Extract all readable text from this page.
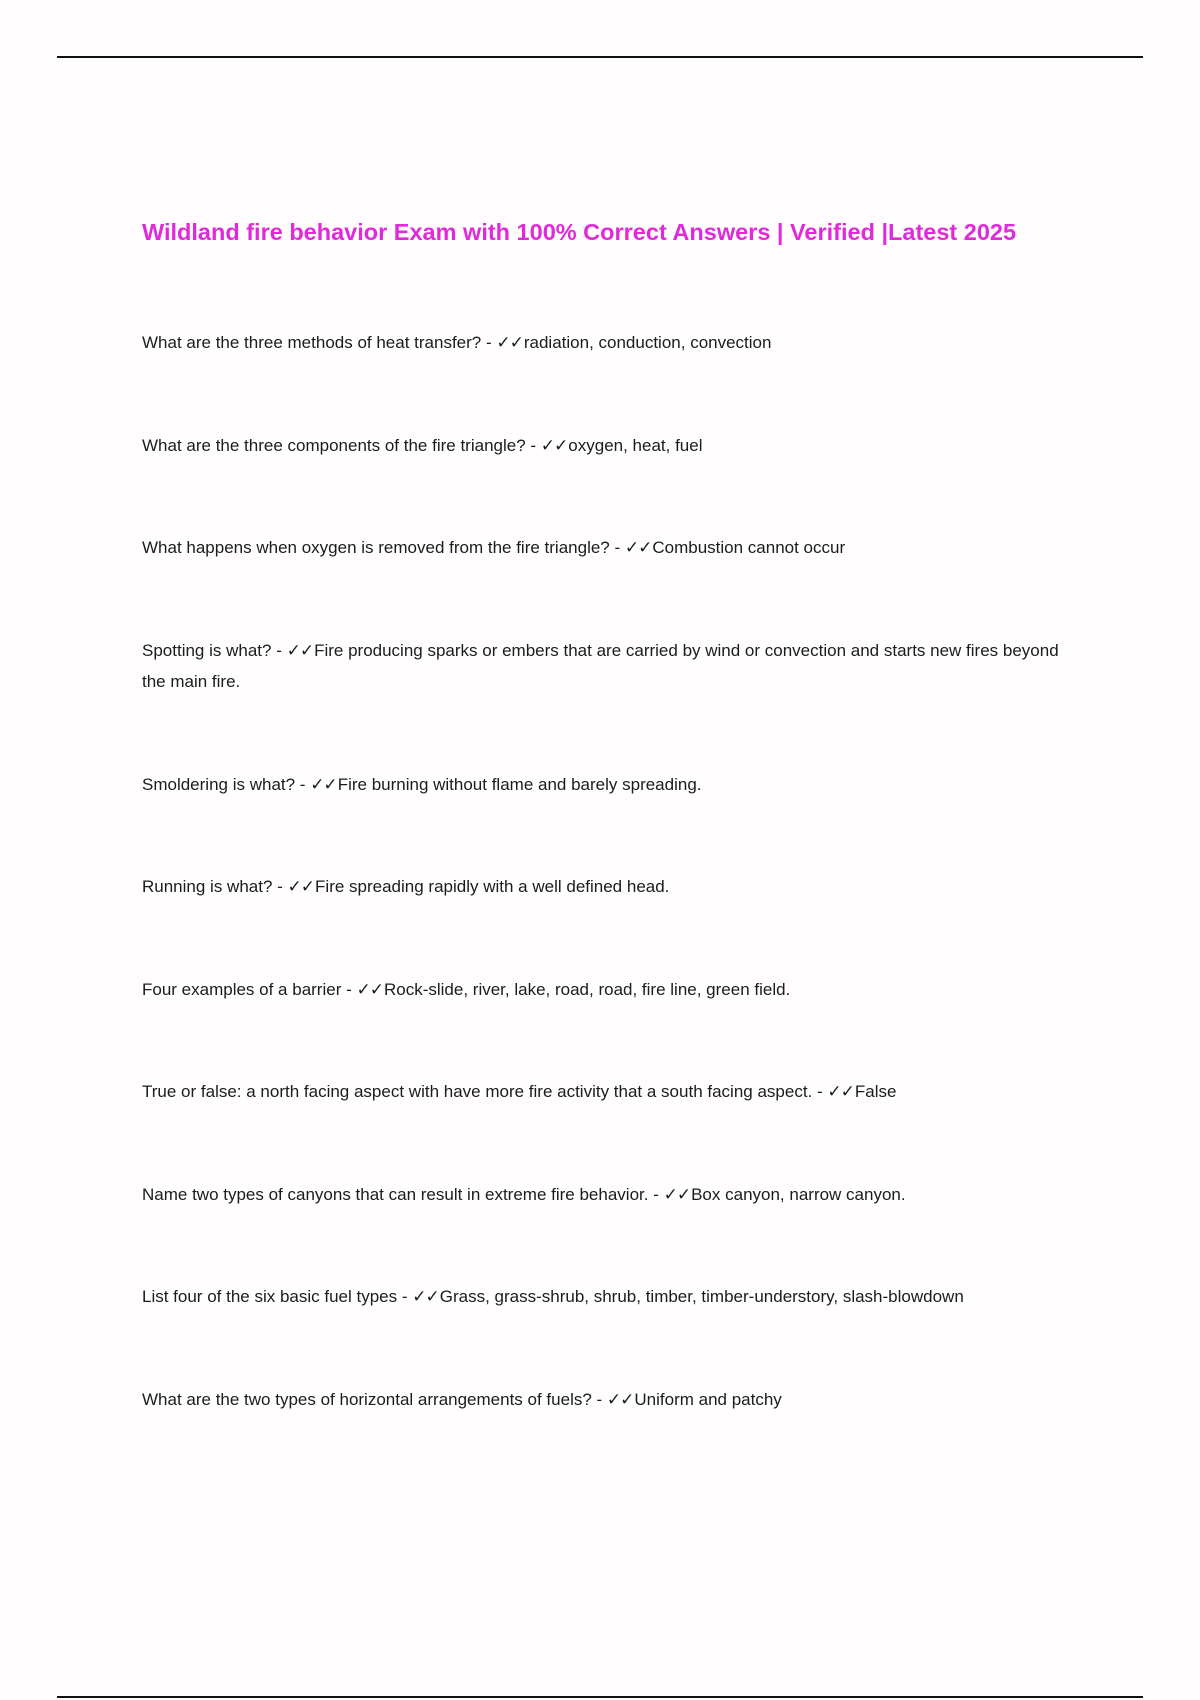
Wildland fire behavior Exam with 100% Correct Answers | Verified |Latest 2025
What are the three methods of heat transfer? - ✓✓radiation, conduction, convection
What are the three components of the fire triangle? - ✓✓oxygen, heat, fuel
What happens when oxygen is removed from the fire triangle? - ✓✓Combustion cannot occur
Spotting is what? - ✓✓Fire producing sparks or embers that are carried by wind or convection and starts new fires beyond the main fire.
Smoldering is what? - ✓✓Fire burning without flame and barely spreading.
Running is what? - ✓✓Fire spreading rapidly with a well defined head.
Four examples of a barrier - ✓✓Rock-slide, river, lake, road, road, fire line, green field.
True or false: a north facing aspect with have more fire activity that a south facing aspect. - ✓✓False
Name two types of canyons that can result in extreme fire behavior. - ✓✓Box canyon, narrow canyon.
List four of the six basic fuel types - ✓✓Grass, grass-shrub, shrub, timber, timber-understory, slash-blowdown
What are the two types of horizontal arrangements of fuels? - ✓✓Uniform and patchy
